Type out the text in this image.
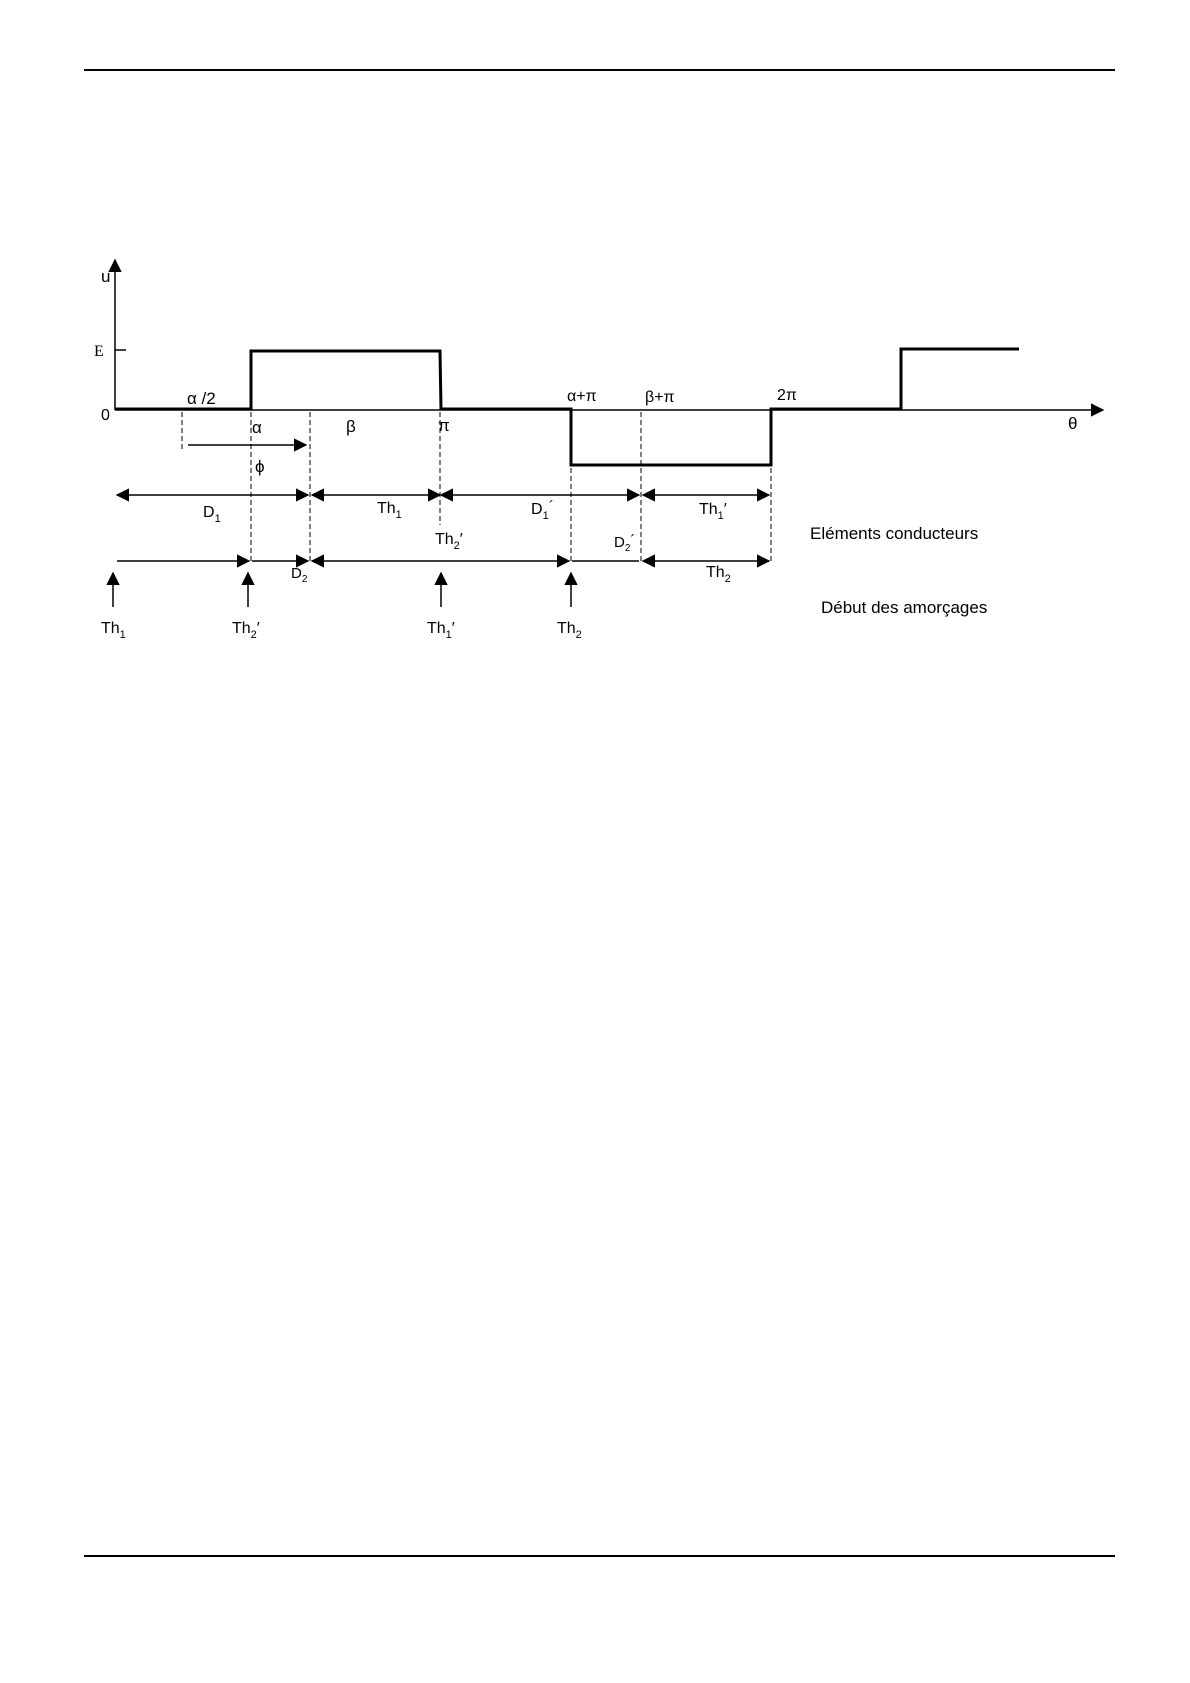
u
θ
E
0
α /2
α	β	π
α+π	β+π	2π
ϕ
$D_1$
$Th_1$	$D_1´$	$Th_1'$
Eléments conducteurs
$D_2$
$Th_2'$	$D_2´$
$Th_2$
$Th_1$	$Th_2'$	$Th_1'$	$Th_2$
Début des amorçages
